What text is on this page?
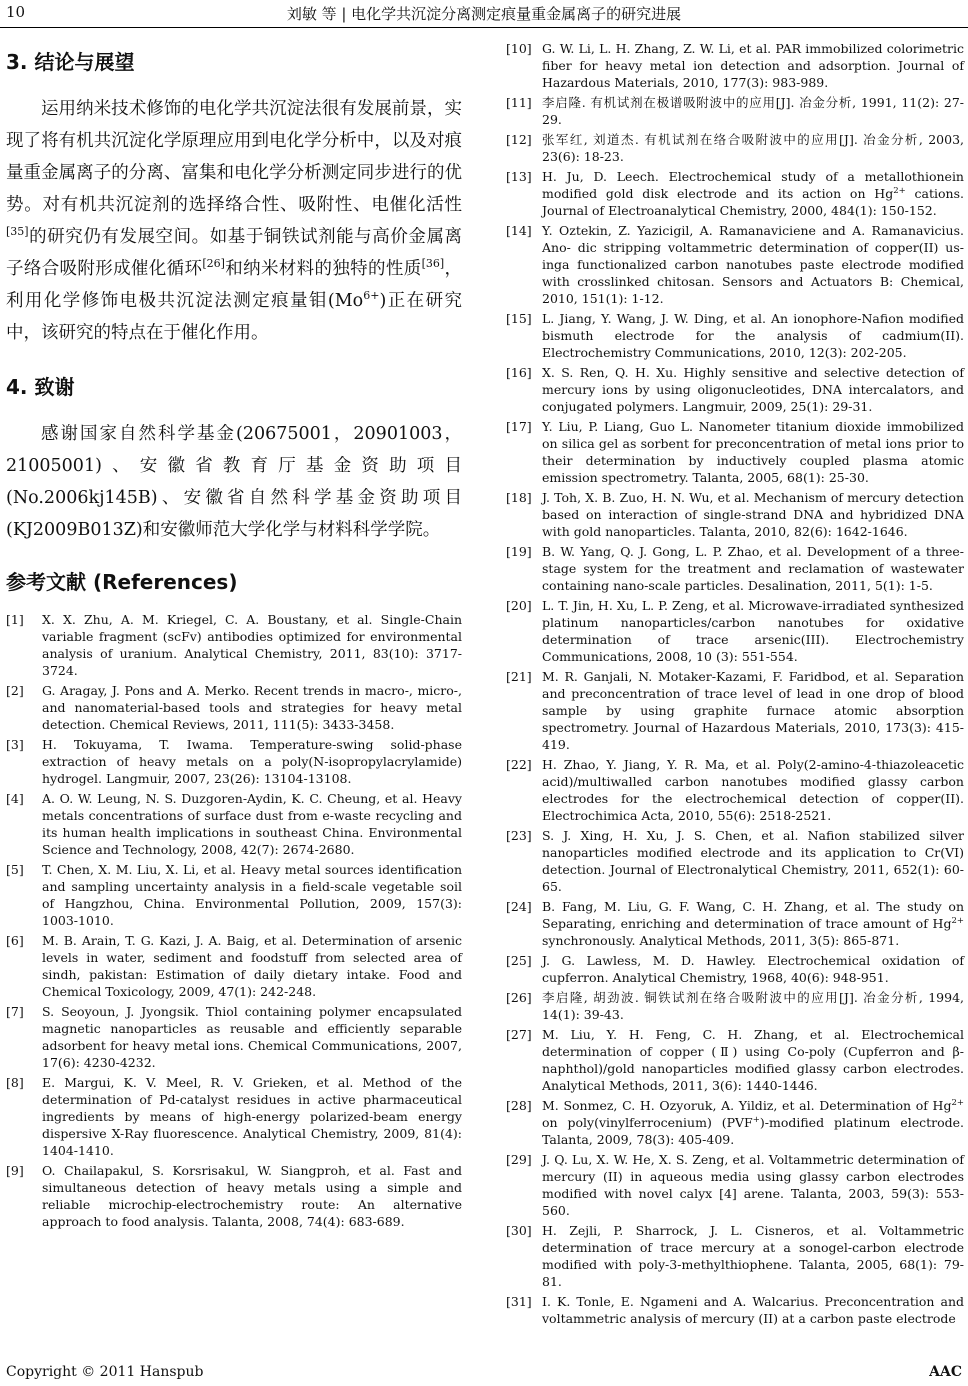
10	刘敏 等 | 电化学共沉淀分离测定痕量重金属离子的研究进展
3. 结论与展望

运用纳米技术修饰的电化学共沉淀法很有发展前景，实现了将有机共沉淀化学原理应用到电化学分析中，以及对痕量重金属离子的分离、富集和电化学分析测定同步进行的优势。对有机共沉淀剂的选择络合性、吸附性、电催化活性[35]的研究仍有发展空间。如基于铜铁试剂能与高价金属离子络合吸附形成催化循环[26]和纳米材料的独特的性质[36]，利用化学修饰电极共沉淀法测定痕量钼$(Mo^{6+})$正在研究中，该研究的特点在于催化作用。

4. 致谢

感谢国家自然科学基金(20675001，20901003，21005001)、安徽省教育厅基金资助项目(No.2006kj145B)、安徽省自然科学基金资助项目(KJ2009B013Z)和安徽师范大学化学与材料科学学院。

参考文献 (References)
[1]	X. X. Zhu, A. M. Kriegel, C. A. Boustany, et al. Single-Chain variable fragment (scFv) antibodies optimized for environmental analysis of uranium. Analytical Chemistry, 2011, 83(10): 3717-3724.
[2]	G. Aragay, J. Pons and A. Merko. Recent trends in macro-, micro-, and nanomaterial-based tools and strategies for heavy metal detection. Chemical Reviews, 2011, 111(5): 3433-3458.
[3]	H. Tokuyama, T. Iwama. Temperature-swing solid-phase extraction of heavy metals on a poly(N-isopropylacrylamide) hydrogel. Langmuir, 2007, 23(26): 13104-13108.
[4]	A. O. W. Leung, N. S. Duzgoren-Aydin, K. C. Cheung, et al. Heavy metals concentrations of surface dust from e-waste recycling and its human health implications in southeast China. Environmental Science and Technology, 2008, 42(7): 2674-2680.
[5]	T. Chen, X. M. Liu, X. Li, et al. Heavy metal sources identification and sampling uncertainty analysis in a field-scale vegetable soil of Hangzhou, China. Environmental Pollution, 2009, 157(3): 1003-1010.
[6]	M. B. Arain, T. G. Kazi, J. A. Baig, et al. Determination of arsenic levels in water, sediment and foodstuff from selected area of sindh, pakistan: Estimation of daily dietary intake. Food and Chemical Toxicology, 2009, 47(1): 242-248.
[7]	S. Seoyoun, J. Jyongsik. Thiol containing polymer encapsulated magnetic nanoparticles as reusable and efficiently separable adsorbent for heavy metal ions. Chemical Communications, 2007, 17(6): 4230-4232.
[8]	E. Margui, K. V. Meel, R. V. Grieken, et al. Method of the determination of Pd-catalyst residues in active pharmaceutical ingredients by means of high-energy polarized-beam energy dispersive X-Ray fluorescence. Analytical Chemistry, 2009, 81(4): 1404-1410.
[9]	O. Chailapakul, S. Korsrisakul, W. Siangproh, et al. Fast and simultaneous detection of heavy metals using a simple and reliable microchip-electrochemistry route: An alternative approach to food analysis. Talanta, 2008, 74(4): 683-689.
[10] G. W. Li, L. H. Zhang, Z. W. Li, et al. PAR immobilized colorimetric fiber for heavy metal ion detection and adsorption. Journal of Hazardous Materials, 2010, 177(3): 983-989.
[11] 李启隆. 有机试剂在极谱吸附波中的应用[J]. 冶金分析, 1991, 11(2): 27-29.
[12] 张军红, 刘道杰. 有机试剂在络合吸附波中的应用[J]. 冶金分析, 2003, 23(6): 18-23.
[13] H. Ju, D. Leech. Electrochemical study of a metallothionein modified gold disk electrode and its action on $Hg^{2+}$ cations. Journal of Electroanalytical Chemistry, 2000, 484(1): 150-152.
[14] Y. Oztekin, Z. Yazicigil, A. Ramanaviciene and A. Ramanavicius. Ano- dic stripping voltammetric determination of copper(II) us-inga functionalized carbon nanotubes paste electrode modified with crosslinked chitosan. Sensors and Actuators B: Chemical, 2010, 151(1): 1-12.
[15] L. Jiang, Y. Wang, J. W. Ding, et al. An ionophore-Nafion modified bismuth electrode for the analysis of cadmium(II). Electrochemistry Communications, 2010, 12(3): 202-205.
[16] X. S. Ren, Q. H. Xu. Highly sensitive and selective detection of mercury ions by using oligonucleotides, DNA intercalators, and conjugated polymers. Langmuir, 2009, 25(1): 29-31.
[17] Y. Liu, P. Liang, Guo L. Nanometer titanium dioxide immobilized on silica gel as sorbent for preconcentration of metal ions prior to their determination by inductively coupled plasma atomic emission spectrometry. Talanta, 2005, 68(1): 25-30.
[18] J. Toh, X. B. Zuo, H. N. Wu, et al. Mechanism of mercury detection based on interaction of single-strand DNA and hybridized DNA with gold nanoparticles. Talanta, 2010, 82(6): 1642-1646.
[19] B. W. Yang, Q. J. Gong, L. P. Zhao, et al. Development of a three-stage system for the treatment and reclamation of wastewater containing nano-scale particles. Desalination, 2011, 5(1): 1-5.
[20] L. T. Jin, H. Xu, L. P. Zeng, et al. Microwave-irradiated synthesized platinum nanoparticles/carbon nanotubes for oxidative determination of trace arsenic(III). Electrochemistry Communications, 2008, 10 (3): 551-554.
[21] M. R. Ganjali, N. Motaker-Kazami, F. Faridbod, et al. Separation and preconcentration of trace level of lead in one drop of blood sample by using graphite furnace atomic absorption spectrometry. Journal of Hazardous Materials, 2010, 173(3): 415-419.
[22] H. Zhao, Y. Jiang, Y. R. Ma, et al. Poly(2-amino-4-thiazoleacetic acid)/multiwalled carbon nanotubes modified glassy carbon electrodes for the electrochemical detection of copper(II). Electrochimica Acta, 2010, 55(6): 2518-2521.
[23] S. J. Xing, H. Xu, J. S. Chen, et al. Nafion stabilized silver nanoparticles modified electrode and its application to Cr(VI) detection. Journal of Electronalytical Chemistry, 2011, 652(1): 60-65.
[24] B. Fang, M. Liu, G. F. Wang, C. H. Zhang, et al. The study on Separating, enriching and determination of trace amount of $Hg^{2+}$ synchronously. Analytical Methods, 2011, 3(5): 865-871.
[25] J. G. Lawless, M. D. Hawley. Electrochemical oxidation of cupferron. Analytical Chemistry, 1968, 40(6): 948-951.
[26] 李启隆, 胡劲波. 铜铁试剂在络合吸附波中的应用[J]. 冶金分析, 1994, 14(1): 39-43.
[27] M. Liu, Y. H. Feng, C. H. Zhang, et al. Electrochemical determination of copper (Ⅱ) using Co-poly (Cupferron and β-naphthol)/gold nanoparticles modified glassy carbon electrodes. Analytical Methods, 2011, 3(6): 1440-1446.
[28] M. Sonmez, C. H. Ozyoruk, A. Yildiz, et al. Determination of $Hg^{2+}$ on poly(vinylferrocenium) (PVF+)-modified platinum electrode. Talanta, 2009, 78(3): 405-409.
[29] J. Q. Lu, X. W. He, X. S. Zeng, et al. Voltammetric determination of mercury (II) in aqueous media using glassy carbon electrodes modified with novel calyx [4] arene. Talanta, 2003, 59(3): 553-560.
[30] H. Zejli, P. Sharrock, J. L. Cisneros, et al. Voltammetric determination of trace mercury at a sonogel-carbon electrode modified with poly-3-methylthiophene. Talanta, 2005, 68(1): 79-81.
[31] I. K. Tonle, E. Ngameni and A. Walcarius. Preconcentration and voltammetric analysis of mercury (II) at a carbon paste electrode
Copyright © 2011 Hanspub	AAC
